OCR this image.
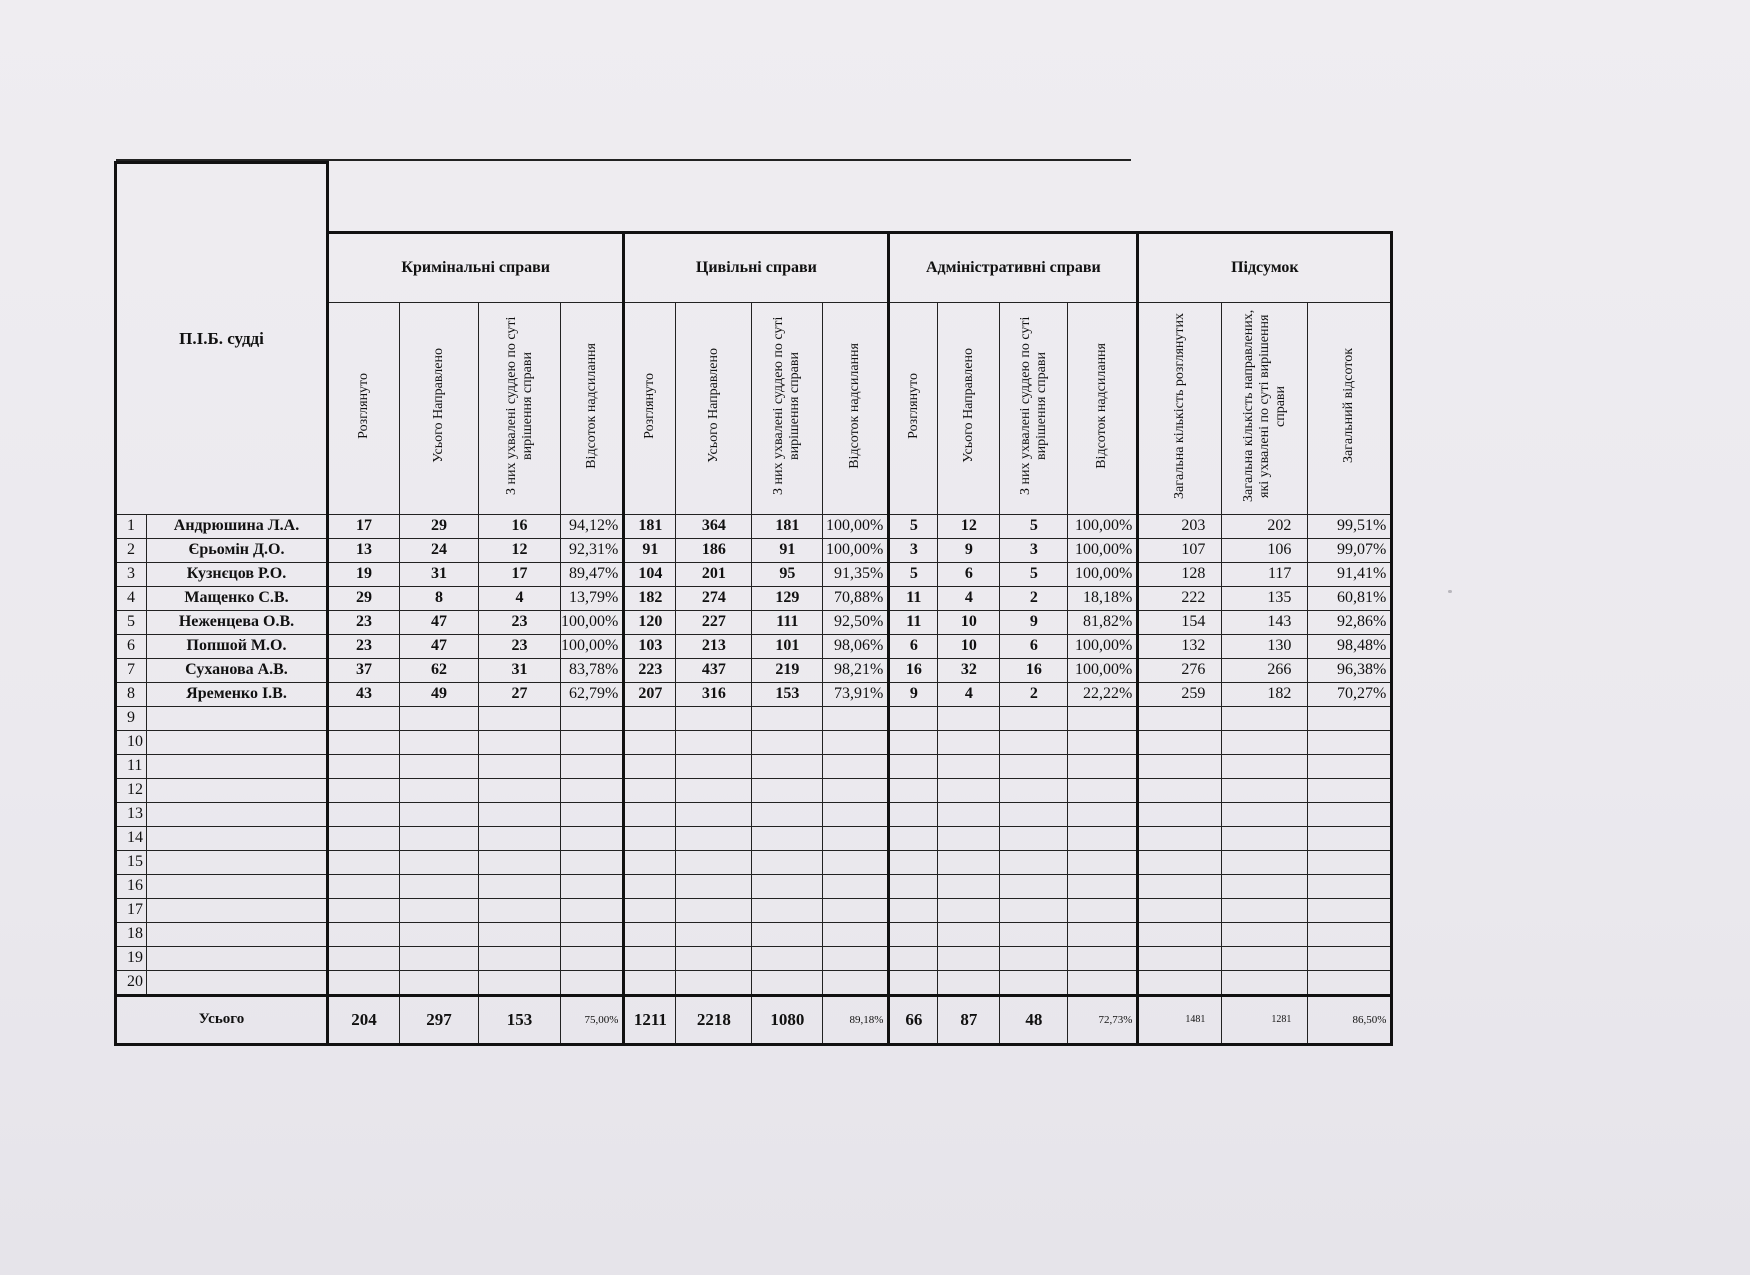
П.І.Б. судді																
		Кримінальні справи				Цивільні справи				Адміністративні справи				Підсумок		
		Розглянуто	Усього Направлено	З них ухвалені суддею по суті вирішення справи	Відсоток надсилання	Розглянуто	Усього Направлено	З них ухвалені суддею по суті вирішення справи	Відсоток надсилання	Розглянуто	Усього Направлено	З них ухвалені суддею по суті вирішення справи	Відсоток надсилання	Загальна кількість розглянутих	Загальна кількість направлених, які ухвалені по суті вирішення справи	Загальний відсоток
1	Андрюшина Л.А.	17	29	16	94,12%	181	364	181	100,00%	5	12	5	100,00%	203	202	99,51%
2	Єрьомін Д.О.	13	24	12	92,31%	91	186	91	100,00%	3	9	3	100,00%	107	106	99,07%
3	Кузнєцов Р.О.	19	31	17	89,47%	104	201	95	91,35%	5	6	5	100,00%	128	117	91,41%
4	Мащенко С.В.	29	8	4	13,79%	182	274	129	70,88%	11	4	2	18,18%	222	135	60,81%
5	Неженцева О.В.	23	47	23	100,00%	120	227	111	92,50%	11	10	9	81,82%	154	143	92,86%
6	Попшой М.О.	23	47	23	100,00%	103	213	101	98,06%	6	10	6	100,00%	132	130	98,48%
7	Суханова А.В.	37	62	31	83,78%	223	437	219	98,21%	16	32	16	100,00%	276	266	96,38%
8	Яременко І.В.	43	49	27	62,79%	207	316	153	73,91%	9	4	2	22,22%	259	182	70,27%
9																
10																
11																
12																
13																
14																
15																
16																
17																
18																
19																
20																
Усього		204	297	153	75,00%	1211	2218	1080	89,18%	66	87	48	72,73%	1481	1281	86,50%
